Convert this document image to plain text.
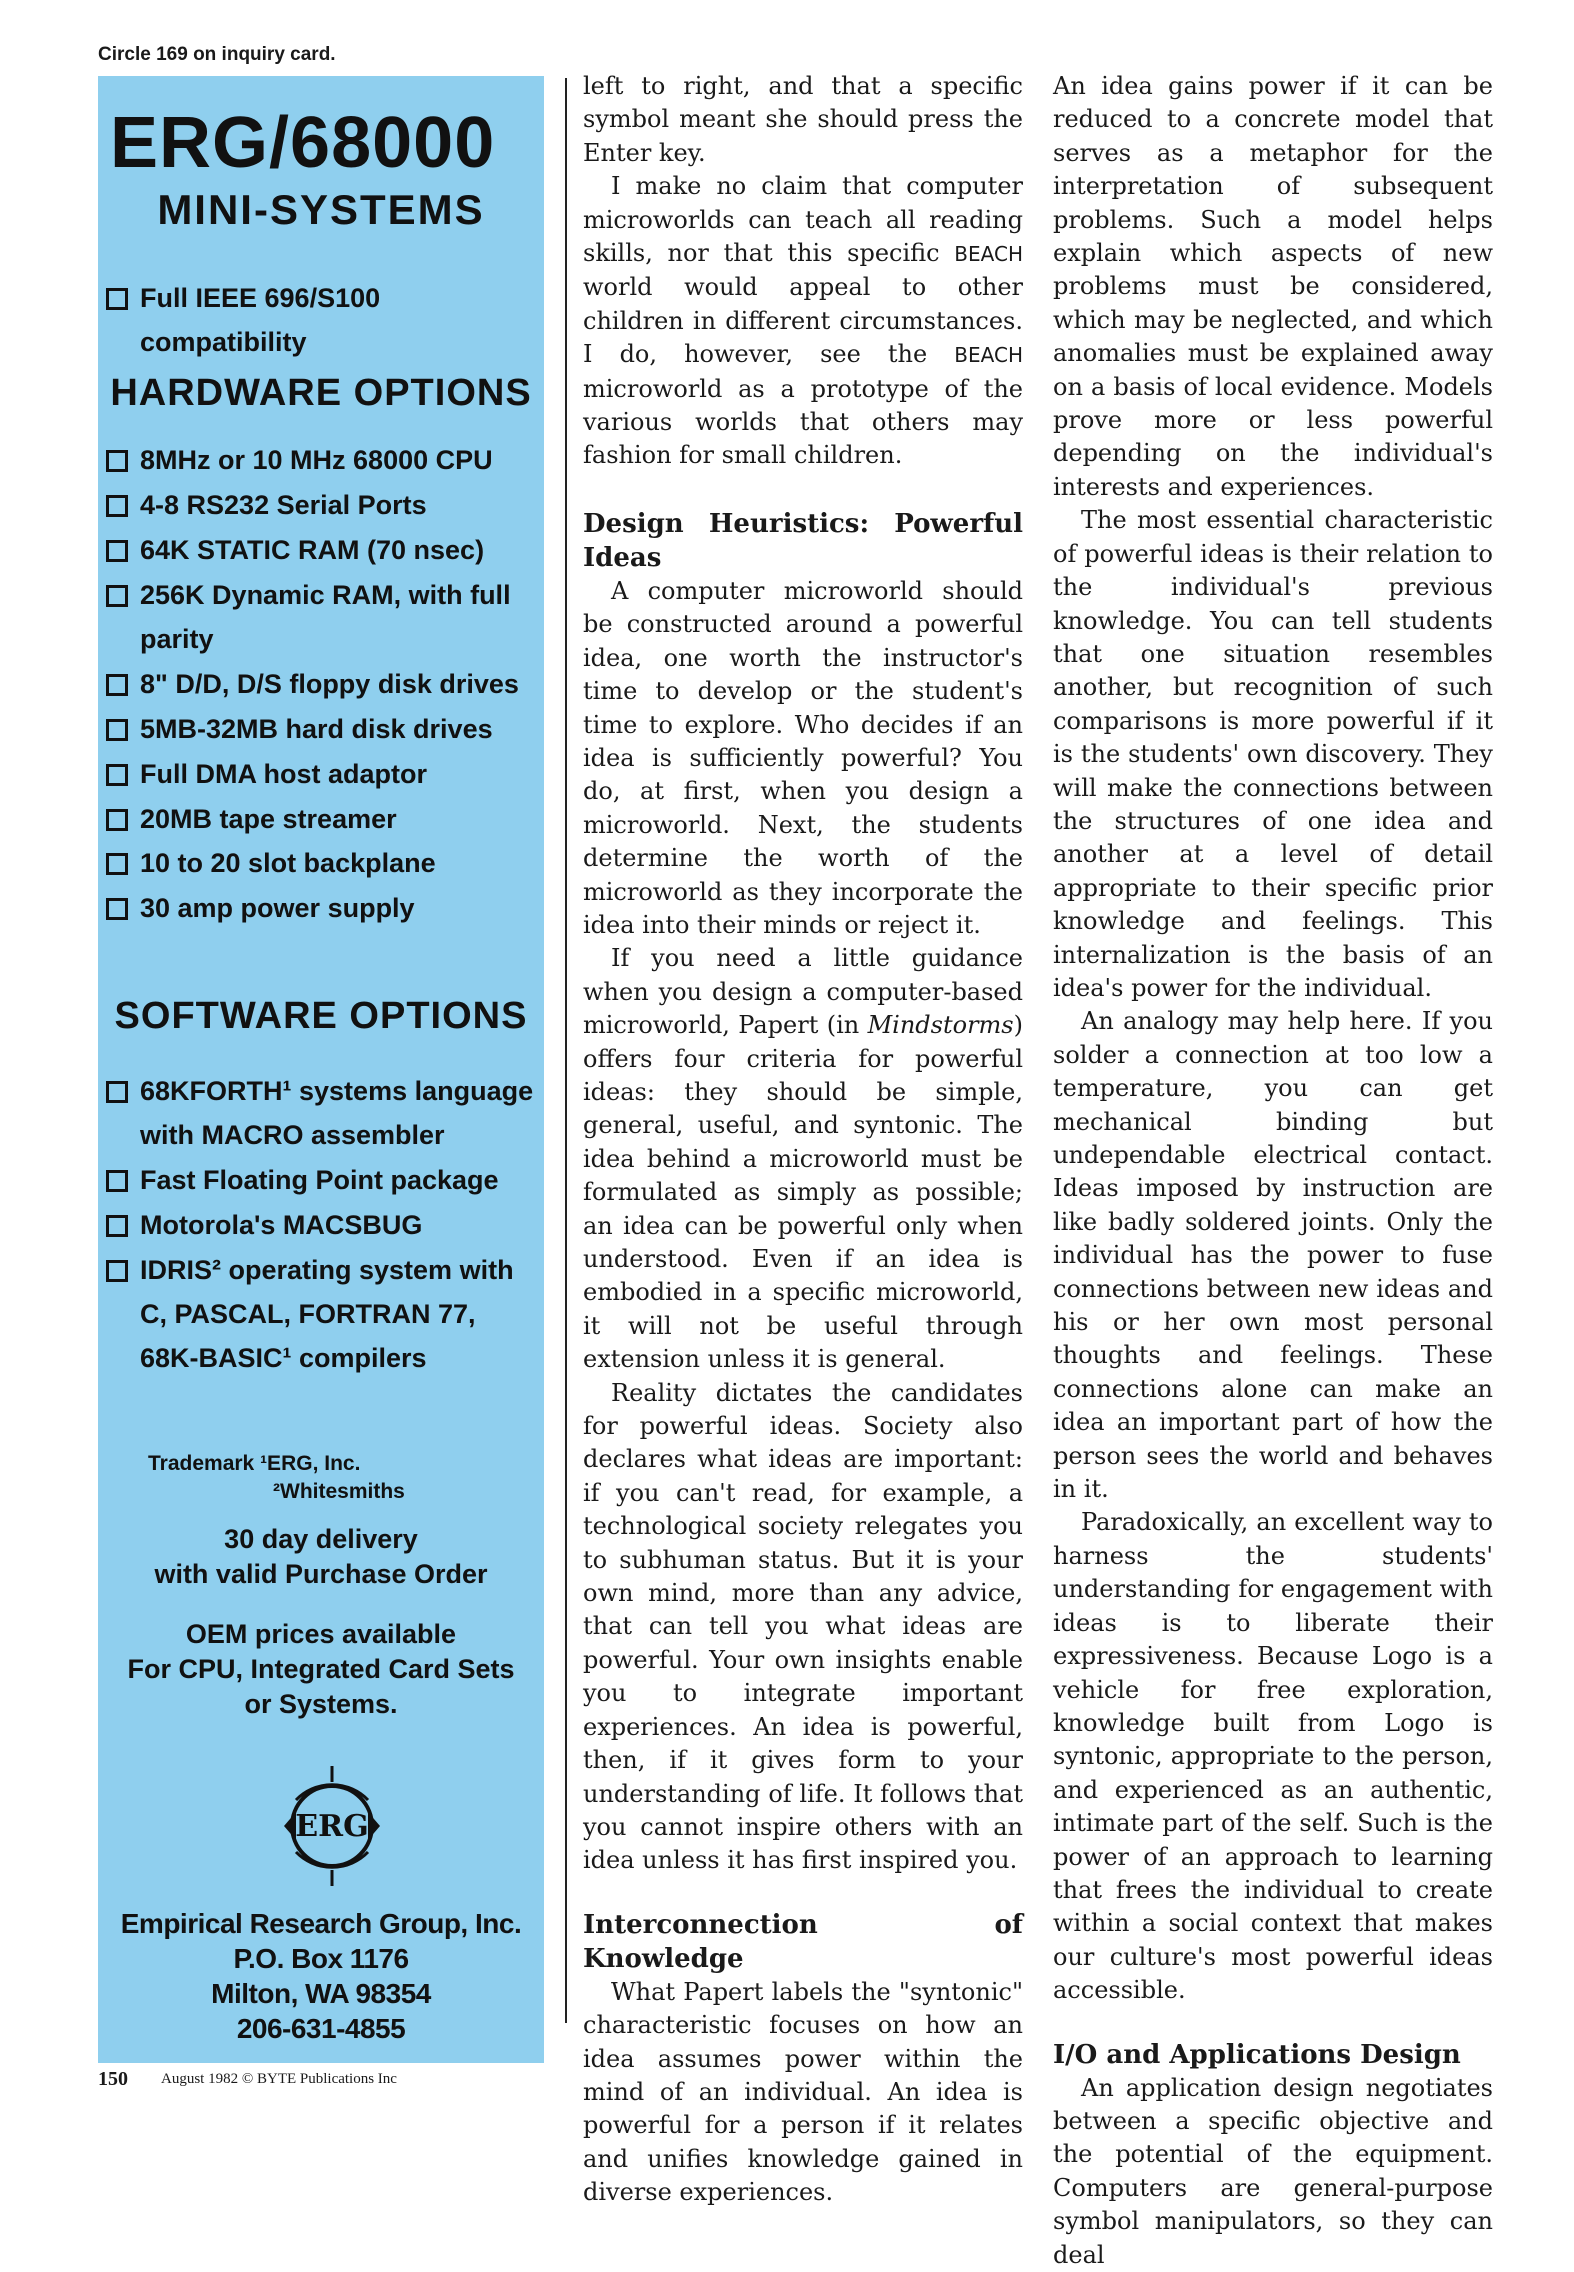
Circle 169 on inquiry card.
ERG/68000
MINI-SYSTEMS
Full IEEE 696/S100
compatibility
HARDWARE OPTIONS
8MHz or 10 MHz 68000 CPU
4-8 RS232 Serial Ports
64K STATIC RAM (70 nsec)
256K Dynamic RAM, with full
parity
8" D/D, D/S floppy disk drives
5MB-32MB hard disk drives
Full DMA host adaptor
20MB tape streamer
10 to 20 slot backplane
30 amp power supply
SOFTWARE OPTIONS
68KFORTH¹ systems language
with MACRO assembler
Fast Floating Point package
Motorola's MACSBUG
IDRIS² operating system with
C, PASCAL, FORTRAN 77,
68K-BASIC¹ compilers
Trademark ¹ERG, Inc.
²Whitesmiths
30 day delivery
with valid Purchase Order
OEM prices available
For CPU, Integrated Card Sets
or Systems.
ERG
Empirical Research Group, Inc.
P.O. Box 1176
Milton, WA 98354
206-631-4855

left to right, and that a specific symbol meant she should press the Enter key.

I make no claim that computer microworlds can teach all reading skills, nor that this specific BEACH world would appeal to other children in different circumstances. I do, however, see the BEACH microworld as a prototype of the various worlds that others may fashion for small children.

Design Heuristics: Powerful Ideas

A computer microworld should be constructed around a powerful idea, one worth the instructor's time to develop or the student's time to explore. Who decides if an idea is sufficiently powerful? You do, at first, when you design a microworld. Next, the students determine the worth of the microworld as they incorporate the idea into their minds or reject it.

If you need a little guidance when you design a computer-based microworld, Papert (in Mindstorms) offers four criteria for powerful ideas: they should be simple, general, useful, and syntonic. The idea behind a microworld must be formulated as simply as possible; an idea can be powerful only when understood. Even if an idea is embodied in a specific microworld, it will not be useful through extension unless it is general.

Reality dictates the candidates for powerful ideas. Society also declares what ideas are important: if you can't read, for example, a technological society relegates you to subhuman status. But it is your own mind, more than any advice, that can tell you what ideas are powerful. Your own insights enable you to integrate important experiences. An idea is powerful, then, if it gives form to your understanding of life. It follows that you cannot inspire others with an idea unless it has first inspired you.

Interconnection of Knowledge

What Papert labels the "syntonic" characteristic focuses on how an idea assumes power within the mind of an individual. An idea is powerful for a person if it relates and unifies knowledge gained in diverse experiences.

An idea gains power if it can be reduced to a concrete model that serves as a metaphor for the interpretation of subsequent problems. Such a model helps explain which aspects of new problems must be considered, which may be neglected, and which anomalies must be explained away on a basis of local evidence. Models prove more or less powerful depending on the individual's interests and experiences.

The most essential characteristic of powerful ideas is their relation to the individual's previous knowledge. You can tell students that one situation resembles another, but recognition of such comparisons is more powerful if it is the students' own discovery. They will make the connections between the structures of one idea and another at a level of detail appropriate to their specific prior knowledge and feelings. This internalization is the basis of an idea's power for the individual.

An analogy may help here. If you solder a connection at too low a temperature, you can get mechanical binding but undependable electrical contact. Ideas imposed by instruction are like badly soldered joints. Only the individual has the power to fuse connections between new ideas and his or her own most personal thoughts and feelings. These connections alone can make an idea an important part of how the person sees the world and behaves in it.

Paradoxically, an excellent way to harness the students' understanding for engagement with ideas is to liberate their expressiveness. Because Logo is a vehicle for free exploration, knowledge built from Logo is syntonic, appropriate to the person, and experienced as an authentic, intimate part of the self. Such is the power of an approach to learning that frees the individual to create within a social context that makes our culture's most powerful ideas accessible.

I/O and Applications Design

An application design negotiates between a specific objective and the potential of the equipment. Computers are general-purpose symbol manipulators, so they can deal

150 August 1982 © BYTE Publications Inc
